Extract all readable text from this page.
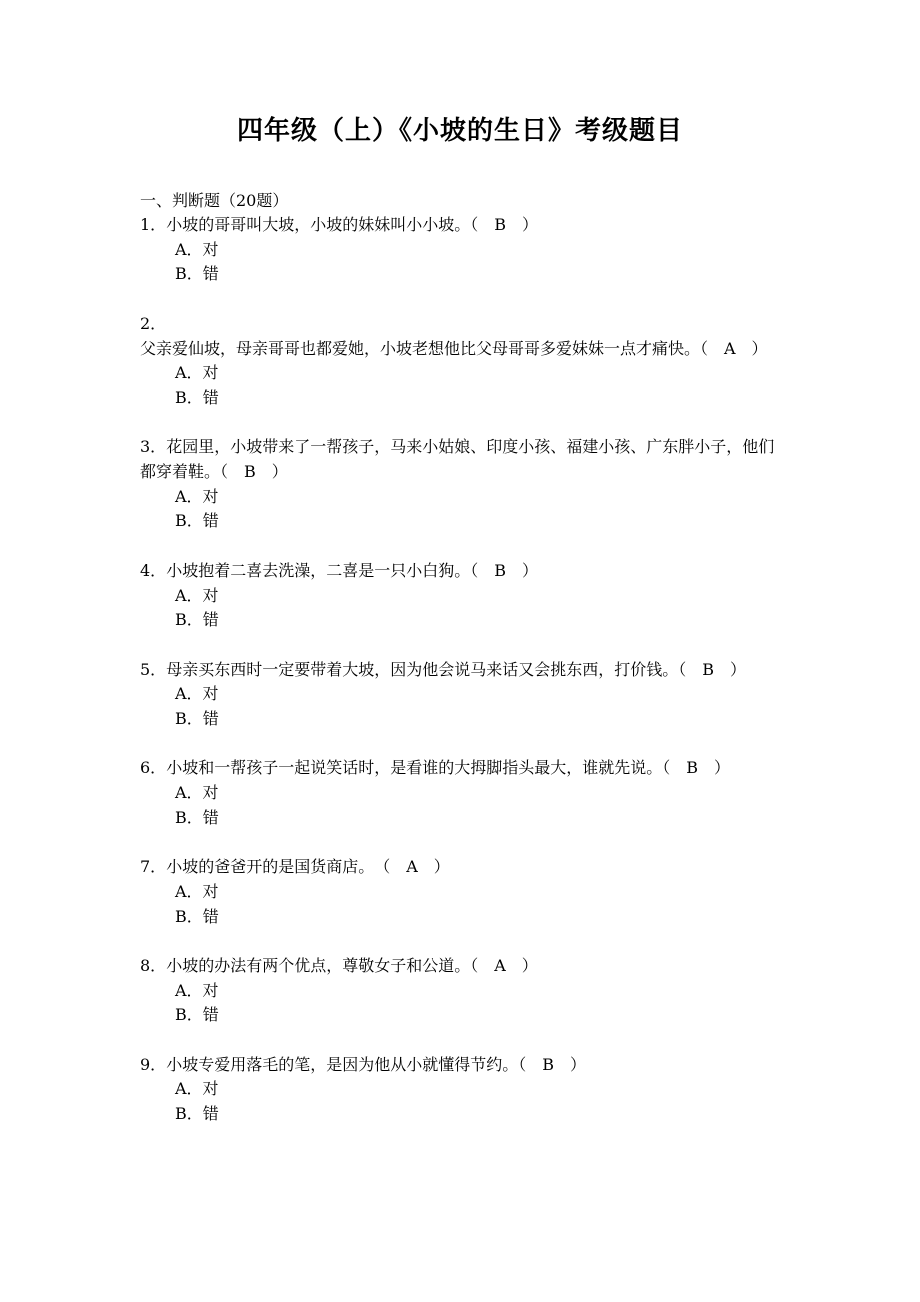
四年级（上）《小坡的生日》考级题目
一、判断题（20题）
1．小坡的哥哥叫大坡，小坡的妹妹叫小小坡。（　B　）
A．对
B．错
2．父亲爱仙坡，母亲哥哥也都爱她，小坡老想他比父母哥哥多爱妹妹一点才痛快。（　A　）
A．对
B．错
3．花园里，小坡带来了一帮孩子，马来小姑娘、印度小孩、福建小孩、广东胖小子，他们都穿着鞋。（　B　）
A．对
B．错
4．小坡抱着二喜去洗澡，二喜是一只小白狗。（　B　）
A．对
B．错
5．母亲买东西时一定要带着大坡，因为他会说马来话又会挑东西，打价钱。（　B　）
A．对
B．错
6．小坡和一帮孩子一起说笑话时，是看谁的大拇脚指头最大，谁就先说。（　B　）
A．对
B．错
7．小坡的爸爸开的是国货商店。　（　A　）
A．对
B．错
8．小坡的办法有两个优点，尊敬女子和公道。（　A　）
A．对
B．错
9．小坡专爱用落毛的笔，是因为他从小就懂得节约。（　B　）
A．对
B．错
